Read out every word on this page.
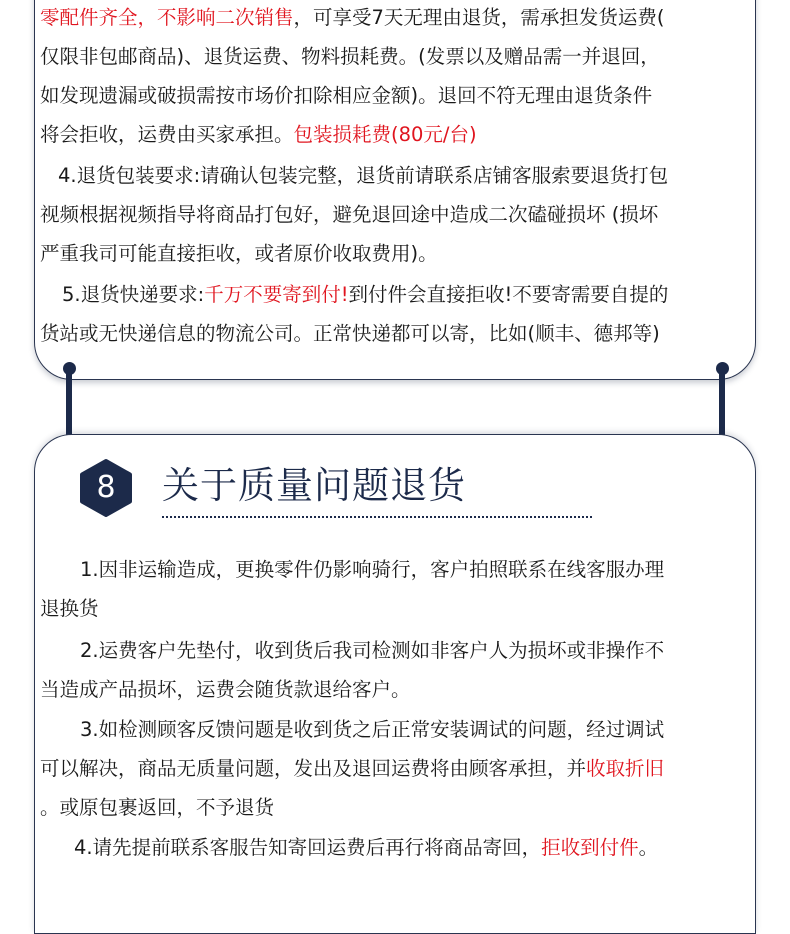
零配件齐全，不影响二次销售，可享受7天无理由退货，需承担发货运费(
仅限非包邮商品)、退货运费、物料损耗费。(发票以及赠品需一并退回，
如发现遗漏或破损需按市场价扣除相应金额)。退回不符无理由退货条件
将会拒收，运费由买家承担。包装损耗费(80元/台)
4.退货包装要求:请确认包装完整，退货前请联系店铺客服索要退货打包
视频根据视频指导将商品打包好，避免退回途中造成二次磕碰损坏 (损坏
严重我司可能直接拒收，或者原价收取费用)。
5.退货快递要求:千万不要寄到付!到付件会直接拒收!不要寄需要自提的
货站或无快递信息的物流公司。正常快递都可以寄，比如(顺丰、德邦等)
8	关于质量问题退货
1.因非运输造成，更换零件仍影响骑行，客户拍照联系在线客服办理
退换货
2.运费客户先垫付，收到货后我司检测如非客户人为损坏或非操作不
当造成产品损坏，运费会随货款退给客户。
3.如检测顾客反馈问题是收到货之后正常安装调试的问题，经过调试
可以解决，商品无质量问题，发出及退回运费将由顾客承担，并收取折旧
。或原包裹返回，不予退货
4.请先提前联系客服告知寄回运费后再行将商品寄回，拒收到付件。
